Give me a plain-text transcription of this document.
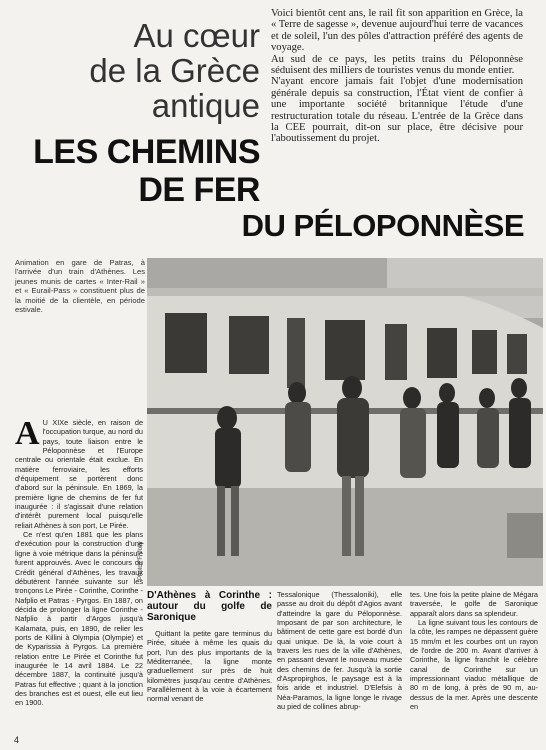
Au cœur
de la Grèce
antique
LES CHEMINS
DE FER
DU PÉLOPONNÈSE

Voici bientôt cent ans, le rail fit son apparition en Grèce, la « Terre de sagesse », devenue aujourd'hui terre de vacances et de soleil, l'un des pôles d'attraction préféré des agents de voyage.

Au sud de ce pays, les petits trains du Péloponnèse séduisent des milliers de touristes venus du monde entier.

N'ayant encore jamais fait l'objet d'une modernisation générale depuis sa construction, l'État vient de confier à une importante société britannique l'étude d'une restructuration totale du réseau. L'entrée de la Grèce dans la CEE pourrait, dit-on sur place, être décisive pour l'aboutissement du projet.

Animation en gare de Patras, à l'arrivée d'un train d'Athènes. Les jeunes munis de cartes « Inter-Rail » et « Eurail-Pass » constituent plus de la moitié de la clientèle, en période estivale.
Photos F. Jolly

A U XIXe siècle, en raison de l'occupation turque, au nord du pays, toute liaison entre le Péloponnèse et l'Europe centrale ou orientale était exclue. En matière ferroviaire, les efforts d'équipement se portèrent donc d'abord sur la péninsule. En 1869, la première ligne de chemins de fer fut inaugurée : il s'agissait d'une relation d'intérêt purement local puisqu'elle reliait Athènes à son port, Le Pirée.

Ce n'est qu'en 1881 que les plans d'exécution pour la construction d'une ligne à voie métrique dans la péninsule furent approuvés. Avec le concours du Crédit général d'Athènes, les travaux débutèrent l'année suivante sur les tronçons Le Pirée - Corinthe, Corinthe - Nafplio et Patras - Pyrgos. En 1887, on décida de prolonger la ligne Corinthe - Nafplio à partir d'Argos jusqu'à Kalamata, puis, en 1890, de relier les ports de Killini à Olympia (Olympie) et de Kyparissia à Pyrgos. La première relation entre Le Pirée et Corinthe fut inaugurée le 14 avril 1884. Le 22 décembre 1887, la continuité jusqu'à Patras fut effective ; quant à la jonction des branches est et ouest, elle eut lieu en 1900.

D'Athènes à Corinthe : autour du golfe de Saronique

Quittant la petite gare terminus du Pirée, située à même les quais du port, l'un des plus importants de la Méditerranée, la ligne monte graduellement sur près de huit kilomètres jusqu'au centre d'Athènes. Parallèlement à la voie à écartement normal venant de

Tessalonique (Thessaloniki), elle passe au droit du dépôt d'Agios avant d'atteindre la gare du Péloponnèse. Imposant de par son architecture, le bâtiment de cette gare est bordé d'un quai unique. De là, la voie court à travers les rues de la ville d'Athènes, en passant devant le nouveau musée des chemins de fer. Jusqu'à la sortie d'Aspropirghos, le paysage est à la fois aride et industriel. D'Elefsis à Néa-Paramos, la ligne longe le rivage au pied de collines abrup-

tes. Une fois la petite plaine de Mégara traversée, le golfe de Saronique apparaît alors dans sa splendeur.

La ligne suivant tous les contours de la côte, les rampes ne dépassent guère 15 mm/m et les courbes ont un rayon de l'ordre de 200 m. Avant d'arriver à Corinthe, la ligne franchit le célèbre canal de Corinthe sur un impressionnant viaduc métallique de 80 m de long, à près de 90 m, au-dessus de la mer. Après une descente en

4
